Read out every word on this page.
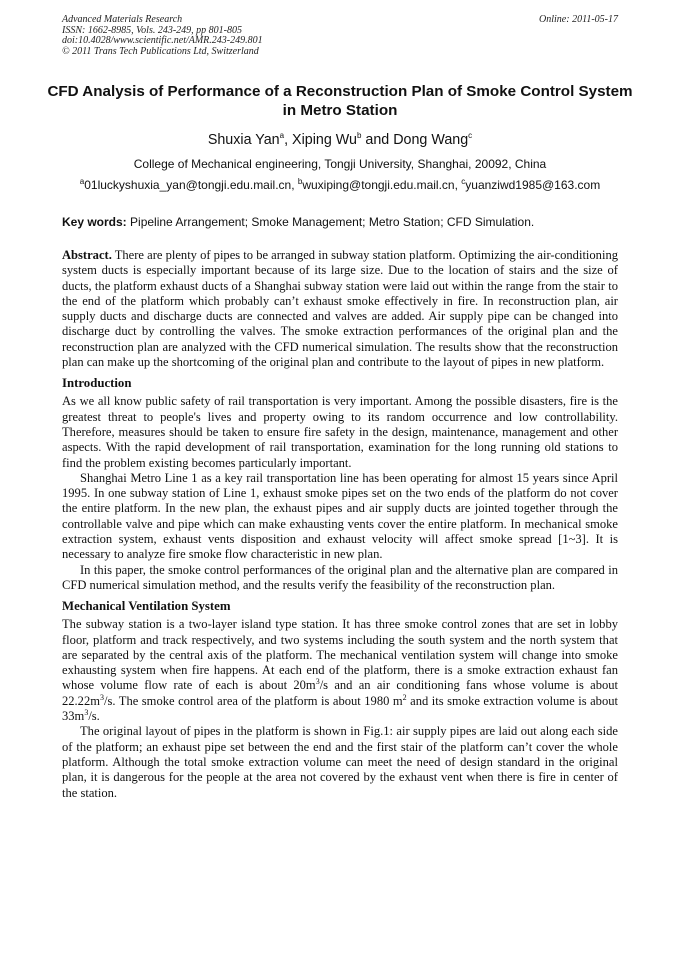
Advanced Materials Research
ISSN: 1662-8985, Vols. 243-249, pp 801-805
doi:10.4028/www.scientific.net/AMR.243-249.801
© 2011 Trans Tech Publications Ltd, Switzerland
Online: 2011-05-17
CFD Analysis of Performance of a Reconstruction Plan of Smoke Control System in Metro Station
Shuxia Yan$^a$, Xiping Wu$^b$ and Dong Wang$^c$
College of Mechanical engineering, Tongji University, Shanghai, 20092, China
$^a$01luckyshuxia_yan@tongji.edu.mail.cn, $^b$wuxiping@tongji.edu.mail.cn, $^c$yuanziwd1985@163.com
Key words: Pipeline Arrangement; Smoke Management; Metro Station; CFD Simulation.

Abstract. There are plenty of pipes to be arranged in subway station platform. Optimizing the air-conditioning system ducts is especially important because of its large size. Due to the location of stairs and the size of ducts, the platform exhaust ducts of a Shanghai subway station were laid out within the range from the stair to the end of the platform which probably can’t exhaust smoke effectively in fire. In reconstruction plan, air supply ducts and discharge ducts are connected and valves are added. Air supply pipe can be changed into discharge duct by controlling the valves. The smoke extraction performances of the original plan and the reconstruction plan are analyzed with the CFD numerical simulation. The results show that the reconstruction plan can make up the shortcoming of the original plan and contribute to the layout of pipes in new platform.

Introduction

As we all know public safety of rail transportation is very important. Among the possible disasters, fire is the greatest threat to people's lives and property owing to its random occurrence and low controllability. Therefore, measures should be taken to ensure fire safety in the design, maintenance, management and other aspects. With the rapid development of rail transportation, examination for the long running old stations to find the problem existing becomes particularly important.

Shanghai Metro Line 1 as a key rail transportation line has been operating for almost 15 years since April 1995. In one subway station of Line 1, exhaust smoke pipes set on the two ends of the platform do not cover the entire platform. In the new plan, the exhaust pipes and air supply ducts are jointed together through the controllable valve and pipe which can make exhausting vents cover the entire platform. In mechanical smoke extraction system, exhaust vents disposition and exhaust velocity will affect smoke spread [1~3]. It is necessary to analyze fire smoke flow characteristic in new plan.

In this paper, the smoke control performances of the original plan and the alternative plan are compared in CFD numerical simulation method, and the results verify the feasibility of the reconstruction plan.

Mechanical Ventilation System

The subway station is a two-layer island type station. It has three smoke control zones that are set in lobby floor, platform and track respectively, and two systems including the south system and the north system that are separated by the central axis of the platform. The mechanical ventilation system will change into smoke exhausting system when fire happens. At each end of the platform, there is a smoke extraction exhaust fan whose volume flow rate of each is about $20m^3/s$ and an air conditioning fans whose volume is about $22.22m^3/s$. The smoke control area of the platform is about 1980 $m^2$ and its smoke extraction volume is about $33m^3/s$.

The original layout of pipes in the platform is shown in Fig.1: air supply pipes are laid out along each side of the platform; an exhaust pipe set between the end and the first stair of the platform can’t cover the whole platform. Although the total smoke extraction volume can meet the need of design standard in the original plan, it is dangerous for the people at the area not covered by the exhaust vent when there is fire in center of the station.
